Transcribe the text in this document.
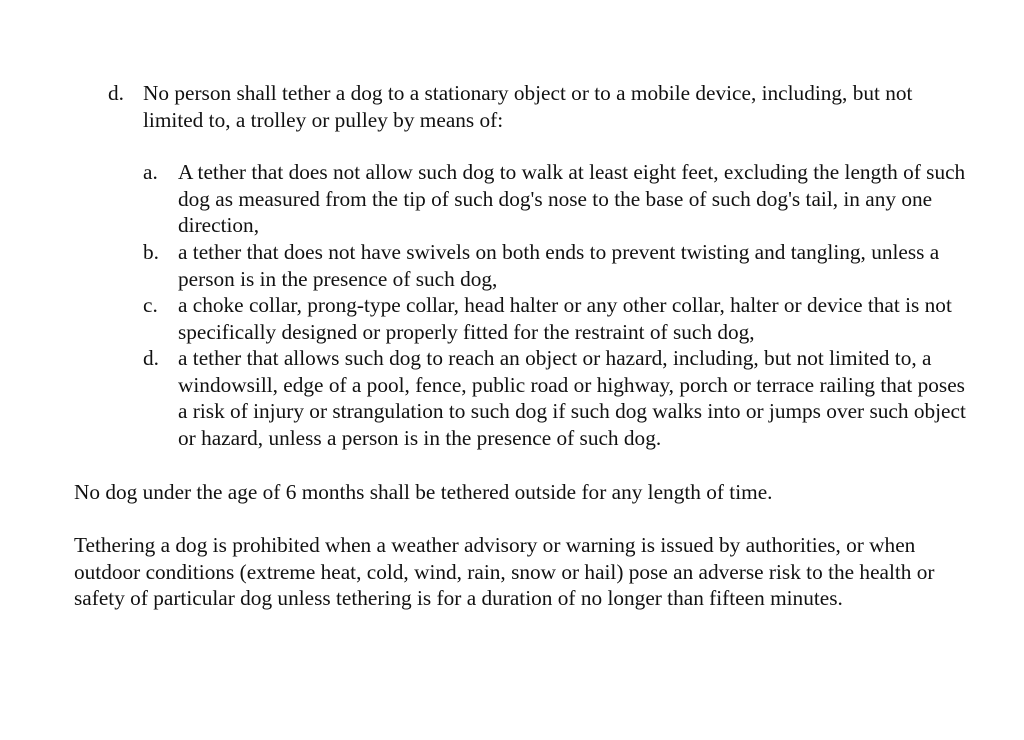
d. No person shall tether a dog to a stationary object or to a mobile device, including, but not limited to, a trolley or pulley by means of:
a. A tether that does not allow such dog to walk at least eight feet, excluding the length of such dog as measured from the tip of such dog's nose to the base of such dog's tail, in any one direction,
b. a tether that does not have swivels on both ends to prevent twisting and tangling, unless a person is in the presence of such dog,
c. a choke collar, prong-type collar, head halter or any other collar, halter or device that is not specifically designed or properly fitted for the restraint of such dog,
d. a tether that allows such dog to reach an object or hazard, including, but not limited to, a windowsill, edge of a pool, fence, public road or highway, porch or terrace railing that poses a risk of injury or strangulation to such dog if such dog walks into or jumps over such object or hazard, unless a person is in the presence of such dog.

No dog under the age of 6 months shall be tethered outside for any length of time.

Tethering a dog is prohibited when a weather advisory or warning is issued by authorities, or when outdoor conditions (extreme heat, cold, wind, rain, snow or hail) pose an adverse risk to the health or safety of particular dog unless tethering is for a duration of no longer than fifteen minutes.
